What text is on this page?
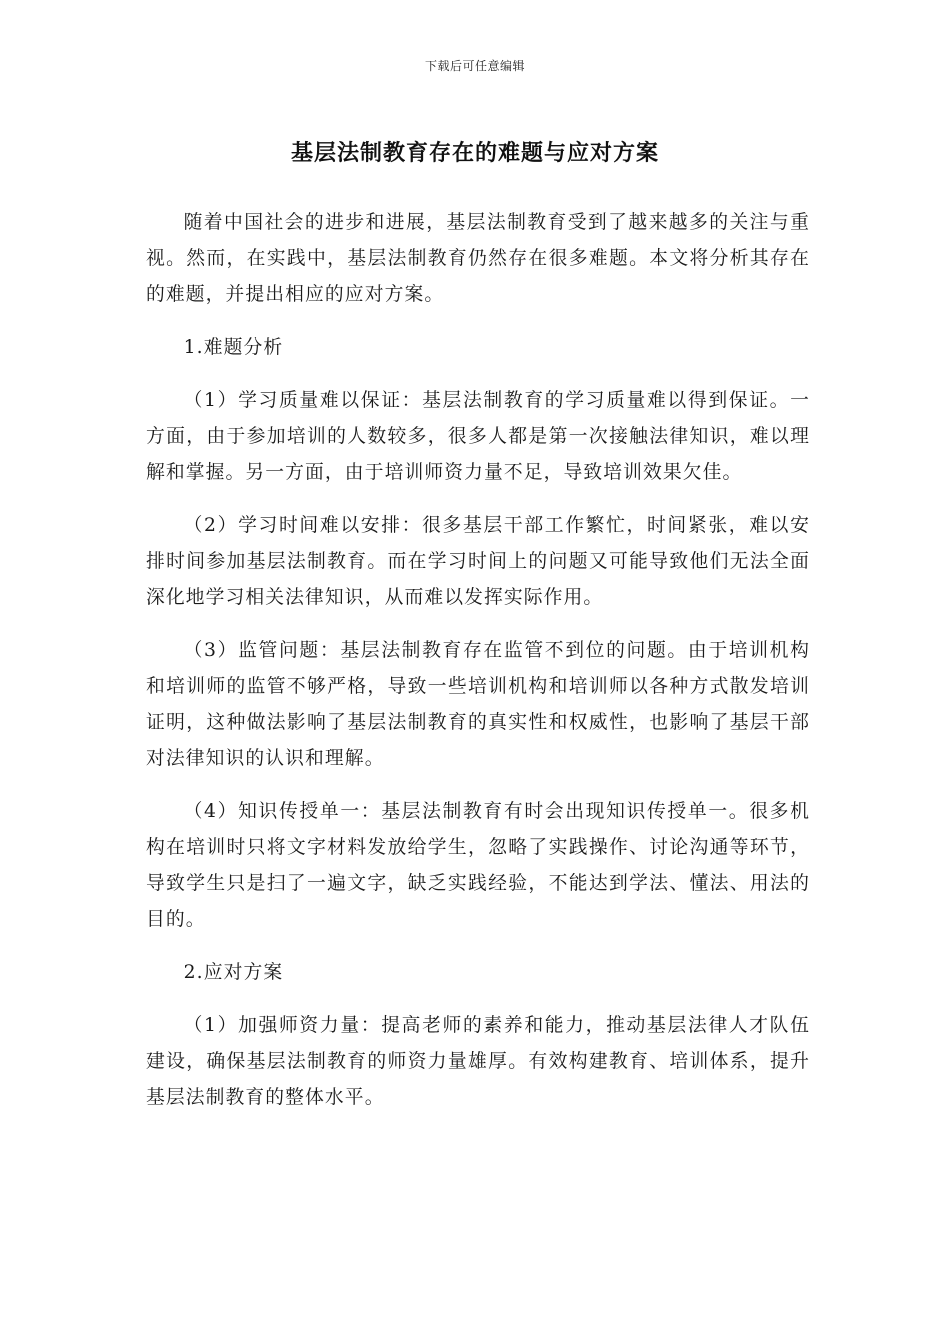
下载后可任意编辑
基层法制教育存在的难题与应对方案

随着中国社会的进步和进展，基层法制教育受到了越来越多的关注与重视。然而，在实践中，基层法制教育仍然存在很多难题。本文将分析其存在的难题，并提出相应的应对方案。

1.难题分析

（1）学习质量难以保证：基层法制教育的学习质量难以得到保证。一方面，由于参加培训的人数较多，很多人都是第一次接触法律知识，难以理解和掌握。另一方面，由于培训师资力量不足，导致培训效果欠佳。

（2）学习时间难以安排：很多基层干部工作繁忙，时间紧张，难以安排时间参加基层法制教育。而在学习时间上的问题又可能导致他们无法全面深化地学习相关法律知识，从而难以发挥实际作用。

（3）监管问题：基层法制教育存在监管不到位的问题。由于培训机构和培训师的监管不够严格，导致一些培训机构和培训师以各种方式散发培训证明，这种做法影响了基层法制教育的真实性和权威性，也影响了基层干部对法律知识的认识和理解。

（4）知识传授单一：基层法制教育有时会出现知识传授单一。很多机构在培训时只将文字材料发放给学生，忽略了实践操作、讨论沟通等环节，导致学生只是扫了一遍文字，缺乏实践经验，不能达到学法、懂法、用法的目的。

2.应对方案

（1）加强师资力量：提高老师的素养和能力，推动基层法律人才队伍建设，确保基层法制教育的师资力量雄厚。有效构建教育、培训体系，提升基层法制教育的整体水平。
